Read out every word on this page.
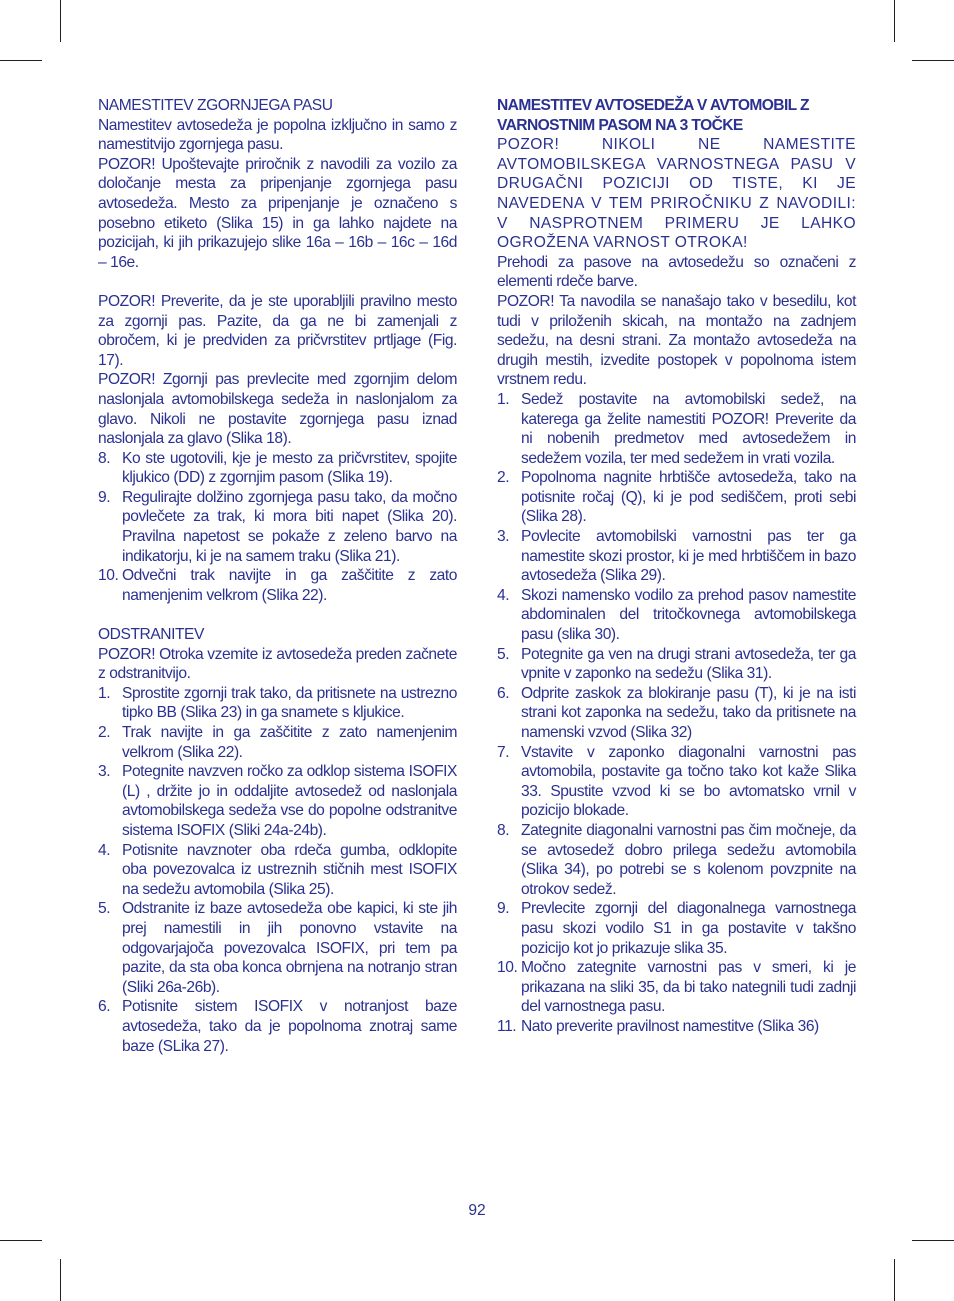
NAMESTITEV ZGORNJEGA PASU

Namestitev avtosedeža je popolna izključno in samo z namestitvijo zgornjega pasu.

POZOR! Upoštevajte priročnik z navodili za vozilo za določanje mesta za pripenjanje zgornjega pasu avtosedeža. Mesto za pripenjanje je označeno s posebno etiketo (Slika 15) in ga lahko najdete na pozicijah, ki jih prikazujejo slike 16a – 16b – 16c – 16d – 16e.

POZOR! Preverite, da je ste uporabljili pravilno mesto za zgornji pas. Pazite, da ga ne bi zamenjali z obročem, ki je predviden za pričvrstitev prtljage (Fig. 17).

POZOR! Zgornji pas prevlecite med zgornjim delom naslonjala avtomobilskega sedeža in naslonjalom za glavo. Nikoli ne postavite zgornjega pasu iznad naslonjala za glavo (Slika 18).

8. Ko ste ugotovili, kje je mesto za pričvrstitev, spojite kljukico (DD) z zgornjim pasom (Slika 19).
9. Regulirajte dolžino zgornjega pasu tako, da močno povlečete za trak, ki mora biti napet (Slika 20). Pravilna napetost se pokaže z zeleno barvo na indikatorju, ki je na samem traku (Slika 21).
10. Odvečni trak navijte in ga zaščitite z zato namenjenim velkrom (Slika 22).

ODSTRANITEV

POZOR! Otroka vzemite iz avtosedeža preden začnete z odstranitvijo.

1. Sprostite zgornji trak tako, da pritisnete na ustrezno tipko BB (Slika 23) in ga snamete s kljukice.
2. Trak navijte in ga zaščitite z zato namenjenim velkrom (Slika 22).
3. Potegnite navzven ročko za odklop sistema ISOFIX (L) , držite jo in oddaljite avtosedež od naslonjala avtomobilskega sedeža vse do popolne odstranitve sistema ISOFIX (Sliki 24a-24b).
4. Potisnite navznoter oba rdeča gumba, odklopite oba povezovalca iz ustreznih stičnih mest ISOFIX na sedežu avtomobila (Slika 25).
5. Odstranite iz baze avtosedeža obe kapici, ki ste jih prej namestili in jih ponovno vstavite na odgovarjajoča povezovalca ISOFIX, pri tem pa pazite, da sta oba konca obrnjena na notranjo stran (Sliki 26a-26b).
6. Potisnite sistem ISOFIX v notranjost baze avtosedeža, tako da je popolnoma znotraj same baze (SLika 27).

NAMESTITEV AVTOSEDEŽA V AVTOMOBIL Z VARNOSTNIM PASOM NA 3 TOČKE

POZOR! NIKOLI NE NAMESTITE AVTOMOBILSKEGA VARNOSTNEGA PASU V DRUGAČNI POZICIJI OD TISTE, KI JE NAVEDENA V TEM PRIROČNIKU Z NAVODILI: V NASPROTNEM PRIMERU JE LAHKO OGROŽENA VARNOST OTROKA!

Prehodi za pasove na avtosedežu so označeni z elementi rdeče barve.

POZOR! Ta navodila se nanašajo tako v besedilu, kot tudi v priloženih skicah, na montažo na zadnjem sedežu, na desni strani. Za montažo avtosedeža na drugih mestih, izvedite postopek v popolnoma istem vrstnem redu.

1. Sedež postavite na avtomobilski sedež, na katerega ga želite namestiti POZOR! Preverite da ni nobenih predmetov med avtosedežem in sedežem vozila, ter med sedežem in vrati vozila.
2. Popolnoma nagnite hrbtišče avtosedeža, tako na potisnite ročaj (Q), ki je pod sediščem, proti sebi (Slika 28).
3. Povlecite avtomobilski varnostni pas ter ga namestite skozi prostor, ki je med hrbtiščem in bazo avtosedeža (Slika 29).
4. Skozi namensko vodilo za prehod pasov namestite abdominalen del tritočkovnega avtomobilskega pasu (slika 30).
5. Potegnite ga ven na drugi strani avtosedeža, ter ga vpnite v zaponko na sedežu (Slika 31).
6. Odprite zaskok za blokiranje pasu (T), ki je na isti strani kot zaponka na sedežu, tako da pritisnete na namenski vzvod (Slika 32)
7. Vstavite v zaponko diagonalni varnostni pas avtomobila, postavite ga točno tako kot kaže Slika 33. Spustite vzvod ki se bo avtomatsko vrnil v pozicijo blokade.
8. Zategnite diagonalni varnostni pas čim močneje, da se avtosedež dobro prilega sedežu avtomobila (Slika 34), po potrebi se s kolenom povzpnite na otrokov sedež.
9. Prevlecite zgornji del diagonalnega varnostnega pasu skozi vodilo S1 in ga postavite v takšno pozicijo kot jo prikazuje slika 35.
10. Močno zategnite varnostni pas v smeri, ki je prikazana na sliki 35, da bi tako nategnili tudi zadnji del varnostnega pasu.
11. Nato preverite pravilnost namestitve (Slika 36)
92
